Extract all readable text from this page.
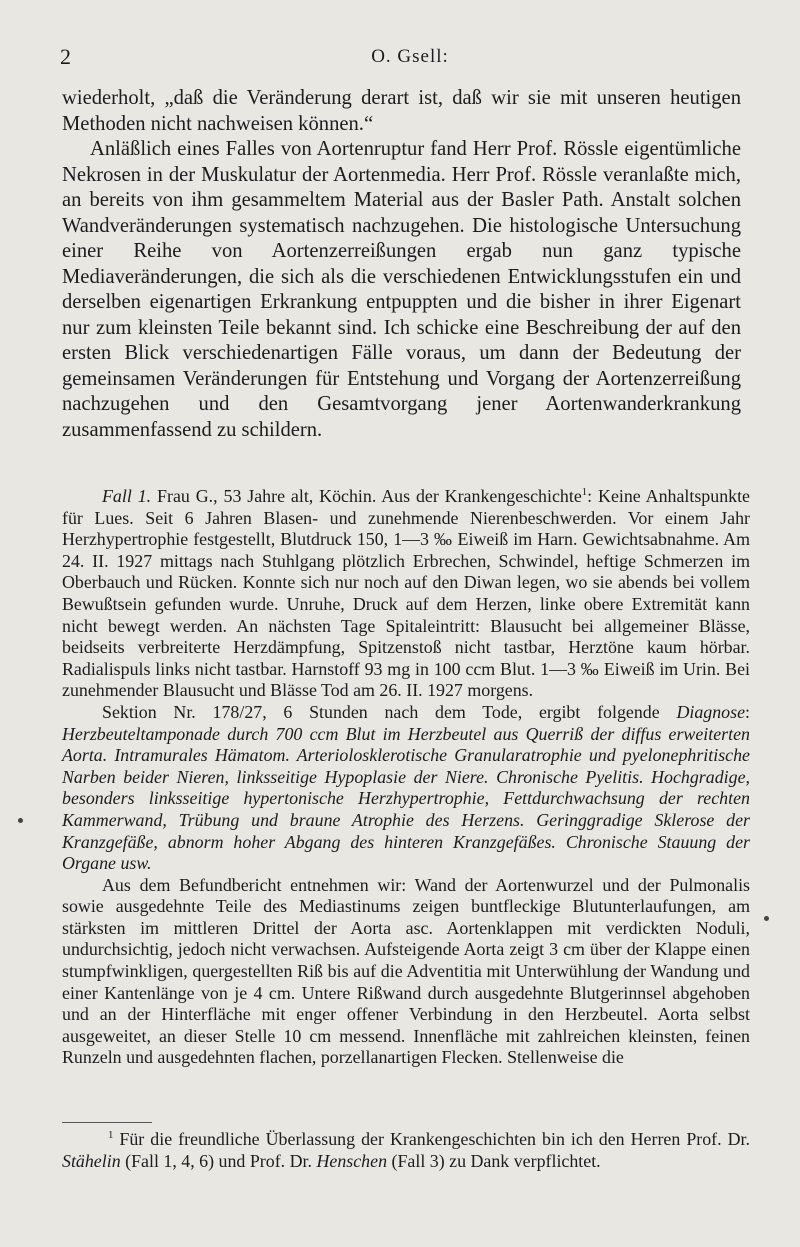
2	O. Gsell:

wiederholt, „daß die Veränderung derart ist, daß wir sie mit unseren heutigen Methoden nicht nachweisen können.“

Anläßlich eines Falles von Aortenruptur fand Herr Prof. Rössle eigentümliche Nekrosen in der Muskulatur der Aortenmedia. Herr Prof. Rössle veranlaßte mich, an bereits von ihm gesammeltem Material aus der Basler Path. Anstalt solchen Wandveränderungen systematisch nachzugehen. Die histologische Untersuchung einer Reihe von Aortenzerreißungen ergab nun ganz typische Mediaveränderungen, die sich als die verschiedenen Entwicklungsstufen ein und derselben eigenartigen Erkrankung entpuppten und die bisher in ihrer Eigenart nur zum kleinsten Teile bekannt sind. Ich schicke eine Beschreibung der auf den ersten Blick verschiedenartigen Fälle voraus, um dann der Bedeutung der gemeinsamen Veränderungen für Entstehung und Vorgang der Aortenzerreißung nachzugehen und den Gesamtvorgang jener Aortenwanderkrankung zusammenfassend zu schildern.

Fall 1. Frau G., 53 Jahre alt, Köchin. Aus der Krankengeschichte$^1$: Keine Anhaltspunkte für Lues. Seit 6 Jahren Blasen- und zunehmende Nierenbeschwerden. Vor einem Jahr Herzhypertrophie festgestellt, Blutdruck 150, 1—3 ‰ Eiweiß im Harn. Gewichtsabnahme. Am 24. II. 1927 mittags nach Stuhlgang plötzlich Erbrechen, Schwindel, heftige Schmerzen im Oberbauch und Rücken. Konnte sich nur noch auf den Diwan legen, wo sie abends bei vollem Bewußtsein gefunden wurde. Unruhe, Druck auf dem Herzen, linke obere Extremität kann nicht bewegt werden. An nächsten Tage Spitaleintritt: Blausucht bei allgemeiner Blässe, beidseits verbreiterte Herzdämpfung, Spitzenstoß nicht tastbar, Herztöne kaum hörbar. Radialispuls links nicht tastbar. Harnstoff 93 mg in 100 ccm Blut. 1—3 ‰ Eiweiß im Urin. Bei zunehmender Blausucht und Blässe Tod am 26. II. 1927 morgens.

Sektion Nr. 178/27, 6 Stunden nach dem Tode, ergibt folgende Diagnose: Herzbeuteltamponade durch 700 ccm Blut im Herzbeutel aus Querriß der diffus erweiterten Aorta. Intramurales Hämatom. Arteriolosklerotische Granularatrophie und pyelonephritische Narben beider Nieren, linksseitige Hypoplasie der Niere. Chronische Pyelitis. Hochgradige, besonders linksseitige hypertonische Herzhypertrophie, Fettdurchwachsung der rechten Kammerwand, Trübung und braune Atrophie des Herzens. Geringgradige Sklerose der Kranzgefäße, abnorm hoher Abgang des hinteren Kranzgefäßes. Chronische Stauung der Organe usw.

Aus dem Befundbericht entnehmen wir: Wand der Aortenwurzel und der Pulmonalis sowie ausgedehnte Teile des Mediastinums zeigen buntfleckige Blutunterlaufungen, am stärksten im mittleren Drittel der Aorta asc. Aortenklappen mit verdickten Noduli, undurchsichtig, jedoch nicht verwachsen. Aufsteigende Aorta zeigt 3 cm über der Klappe einen stumpfwinkligen, quergestellten Riß bis auf die Adventitia mit Unterwühlung der Wandung und einer Kantenlänge von je 4 cm. Untere Rißwand durch ausgedehnte Blutgerinnsel abgehoben und an der Hinterfläche mit enger offener Verbindung in den Herzbeutel. Aorta selbst ausgeweitet, an dieser Stelle 10 cm messend. Innenfläche mit zahlreichen kleinsten, feinen Runzeln und ausgedehnten flachen, porzellanartigen Flecken. Stellenweise die

$^1$ Für die freundliche Überlassung der Krankengeschichten bin ich den Herren Prof. Dr. Stähelin (Fall 1, 4, 6) und Prof. Dr. Henschen (Fall 3) zu Dank verpflichtet.
